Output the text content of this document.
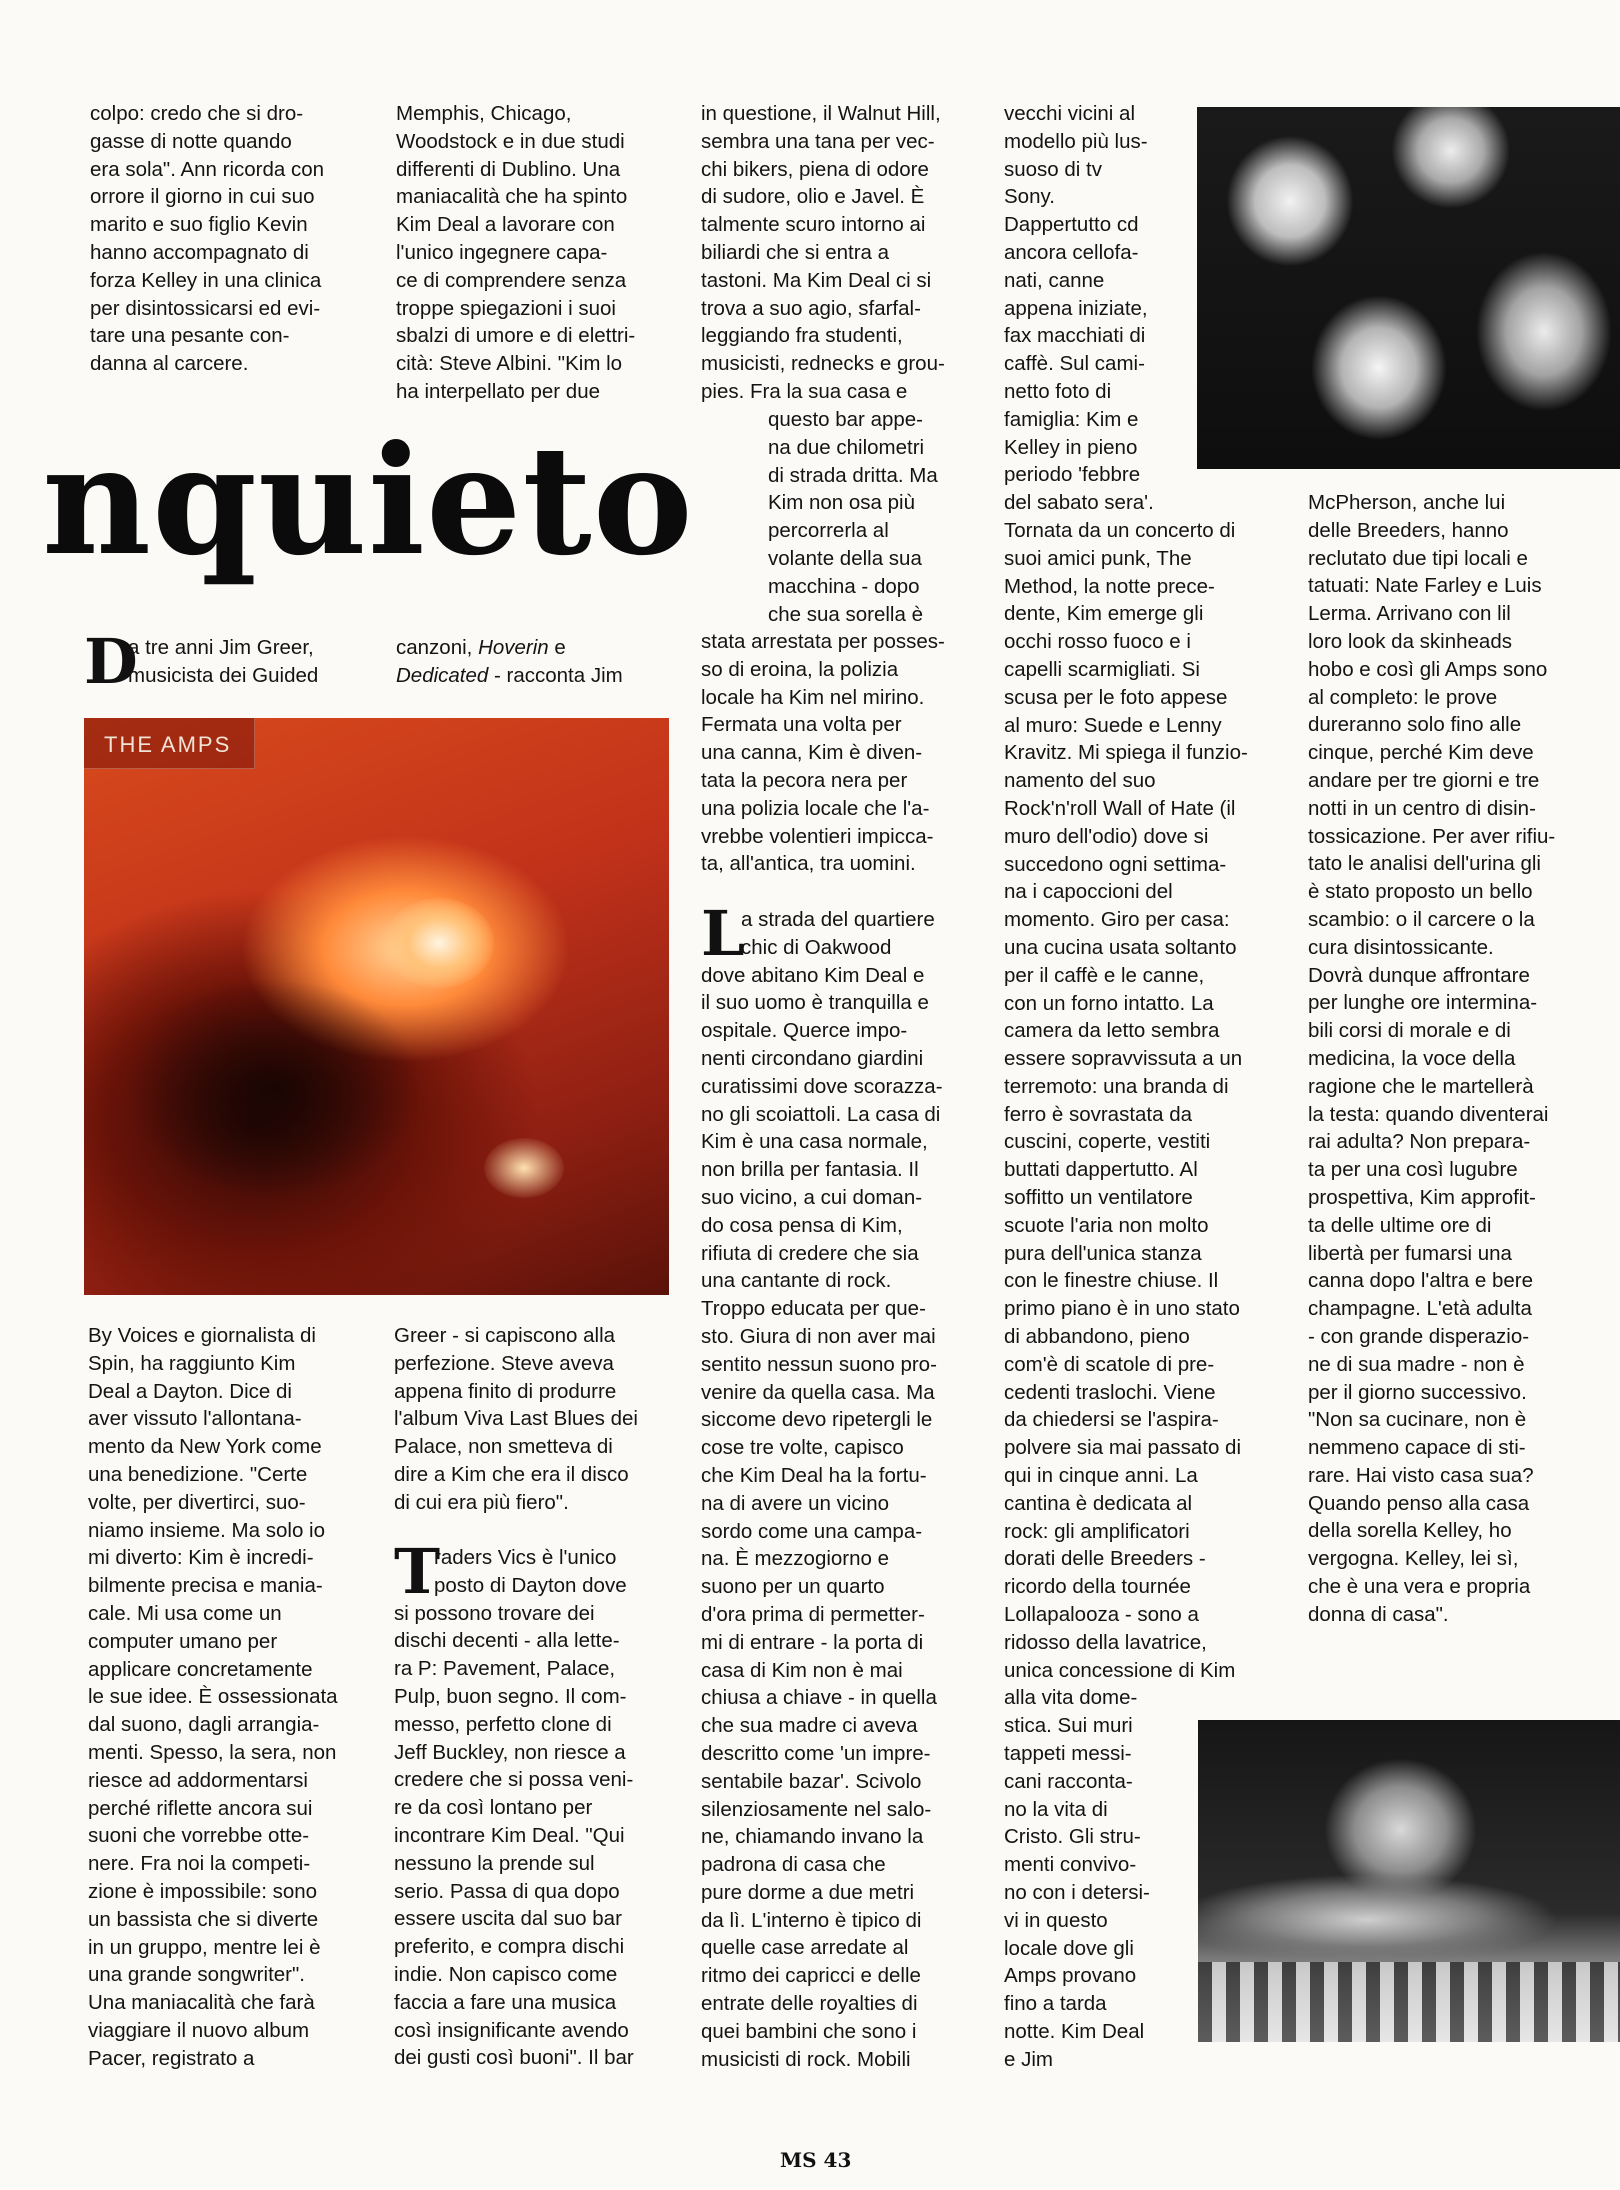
colpo: credo che si dro-
gasse di notte quando
era sola". Ann ricorda con
orrore il giorno in cui suo
marito e suo figlio Kevin
hanno accompagnato di
forza Kelley in una clinica
per disintossicarsi ed evi-
tare una pesante con-
danna al carcere.
Memphis, Chicago,
Woodstock e in due studi
differenti di Dublino. Una
maniacalità che ha spinto
Kim Deal a lavorare con
l'unico ingegnere capa-
ce di comprendere senza
troppe spiegazioni i suoi
sbalzi di umore e di elettri-
cità: Steve Albini. "Kim lo
ha interpellato per due
nquieto
D
a tre anni Jim Greer,
musicista dei Guided
canzoni, Hoverin e
Dedicated - racconta Jim
THE AMPS
By Voices e giornalista di
Spin, ha raggiunto Kim
Deal a Dayton. Dice di
aver vissuto l'allontana-
mento da New York come
una benedizione. "Certe
volte, per divertirci, suo-
niamo insieme. Ma solo io
mi diverto: Kim è incredi-
bilmente precisa e mania-
cale. Mi usa come un
computer umano per
applicare concretamente
le sue idee. È ossessionata
dal suono, dagli arrangia-
menti. Spesso, la sera, non
riesce ad addormentarsi
perché riflette ancora sui
suoni che vorrebbe otte-
nere. Fra noi la competi-
zione è impossibile: sono
un bassista che si diverte
in un gruppo, mentre lei è
una grande songwriter".
Una maniacalità che farà
viaggiare il nuovo album
Pacer, registrato a
Greer - si capiscono alla
perfezione. Steve aveva
appena finito di produrre
l'album Viva Last Blues dei
Palace, non smetteva di
dire a Kim che era il disco
di cui era più fiero".
T
raders Vics è l'unico
posto di Dayton dove
si possono trovare dei
dischi decenti - alla lette-
ra P: Pavement, Palace,
Pulp, buon segno. Il com-
messo, perfetto clone di
Jeff Buckley, non riesce a
credere che si possa veni-
re da così lontano per
incontrare Kim Deal. "Qui
nessuno la prende sul
serio. Passa di qua dopo
essere uscita dal suo bar
preferito, e compra dischi
indie. Non capisco come
faccia a fare una musica
così insignificante avendo
dei gusti così buoni". Il bar
in questione, il Walnut Hill,
sembra una tana per vec-
chi bikers, piena di odore
di sudore, olio e Javel. È
talmente scuro intorno ai
biliardi che si entra a
tastoni. Ma Kim Deal ci si
trova a suo agio, sfarfal-
leggiando fra studenti,
musicisti, rednecks e grou-
pies. Fra la sua casa e
questo bar appe-
na due chilometri
di strada dritta. Ma
Kim non osa più
percorrerla al
volante della sua
macchina - dopo
che sua sorella è
stata arrestata per posses-
so di eroina, la polizia
locale ha Kim nel mirino.
Fermata una volta per
una canna, Kim è diven-
tata la pecora nera per
una polizia locale che l'a-
vrebbe volentieri impicca-
ta, all'antica, tra uomini.
L
a strada del quartiere
chic di Oakwood
dove abitano Kim Deal e
il suo uomo è tranquilla e
ospitale. Querce impo-
nenti circondano giardini
curatissimi dove scorazza-
no gli scoiattoli. La casa di
Kim è una casa normale,
non brilla per fantasia. Il
suo vicino, a cui doman-
do cosa pensa di Kim,
rifiuta di credere che sia
una cantante di rock.
Troppo educata per que-
sto. Giura di non aver mai
sentito nessun suono pro-
venire da quella casa. Ma
siccome devo ripetergli le
cose tre volte, capisco
che Kim Deal ha la fortu-
na di avere un vicino
sordo come una campa-
na. È mezzogiorno e
suono per un quarto
d'ora prima di permetter-
mi di entrare - la porta di
casa di Kim non è mai
chiusa a chiave - in quella
che sua madre ci aveva
descritto come 'un impre-
sentabile bazar'. Scivolo
silenziosamente nel salo-
ne, chiamando invano la
padrona di casa che
pure dorme a due metri
da lì. L'interno è tipico di
quelle case arredate al
ritmo dei capricci e delle
entrate delle royalties di
quei bambini che sono i
musicisti di rock. Mobili
vecchi vicini al
modello più lus-
suoso di tv
Sony.
Dappertutto cd
ancora cellofa-
nati, canne
appena iniziate,
fax macchiati di
caffè. Sul cami-
netto foto di
famiglia: Kim e
Kelley in pieno
periodo 'febbre
del sabato sera'.
Tornata da un concerto di
suoi amici punk, The
Method, la notte prece-
dente, Kim emerge gli
occhi rosso fuoco e i
capelli scarmigliati. Si
scusa per le foto appese
al muro: Suede e Lenny
Kravitz. Mi spiega il funzio-
namento del suo
Rock'n'roll Wall of Hate (il
muro dell'odio) dove si
succedono ogni settima-
na i capoccioni del
momento. Giro per casa:
una cucina usata soltanto
per il caffè e le canne,
con un forno intatto. La
camera da letto sembra
essere sopravvissuta a un
terremoto: una branda di
ferro è sovrastata da
cuscini, coperte, vestiti
buttati dappertutto. Al
soffitto un ventilatore
scuote l'aria non molto
pura dell'unica stanza
con le finestre chiuse. Il
primo piano è in uno stato
di abbandono, pieno
com'è di scatole di pre-
cedenti traslochi. Viene
da chiedersi se l'aspira-
polvere sia mai passato di
qui in cinque anni. La
cantina è dedicata al
rock: gli amplificatori
dorati delle Breeders -
ricordo della tournée
Lollapalooza - sono a
ridosso della lavatrice,
unica concessione di Kim
alla vita dome-
stica. Sui muri
tappeti messi-
cani racconta-
no la vita di
Cristo. Gli stru-
menti convivo-
no con i detersi-
vi in questo
locale dove gli
Amps provano
fino a tarda
notte. Kim Deal
e Jim
McPherson, anche lui
delle Breeders, hanno
reclutato due tipi locali e
tatuati: Nate Farley e Luis
Lerma. Arrivano con lil
loro look da skinheads
hobo e così gli Amps sono
al completo: le prove
dureranno solo fino alle
cinque, perché Kim deve
andare per tre giorni e tre
notti in un centro di disin-
tossicazione. Per aver rifiu-
tato le analisi dell'urina gli
è stato proposto un bello
scambio: o il carcere o la
cura disintossicante.
Dovrà dunque affrontare
per lunghe ore intermina-
bili corsi di morale e di
medicina, la voce della
ragione che le martellerà
la testa: quando diventerai
rai adulta? Non prepara-
ta per una così lugubre
prospettiva, Kim approfit-
ta delle ultime ore di
libertà per fumarsi una
canna dopo l'altra e bere
champagne. L'età adulta
- con grande disperazio-
ne di sua madre - non è
per il giorno successivo.
"Non sa cucinare, non è
nemmeno capace di sti-
rare. Hai visto casa sua?
Quando penso alla casa
della sorella Kelley, ho
vergogna. Kelley, lei sì,
che è una vera e propria
donna di casa".
MS 43
